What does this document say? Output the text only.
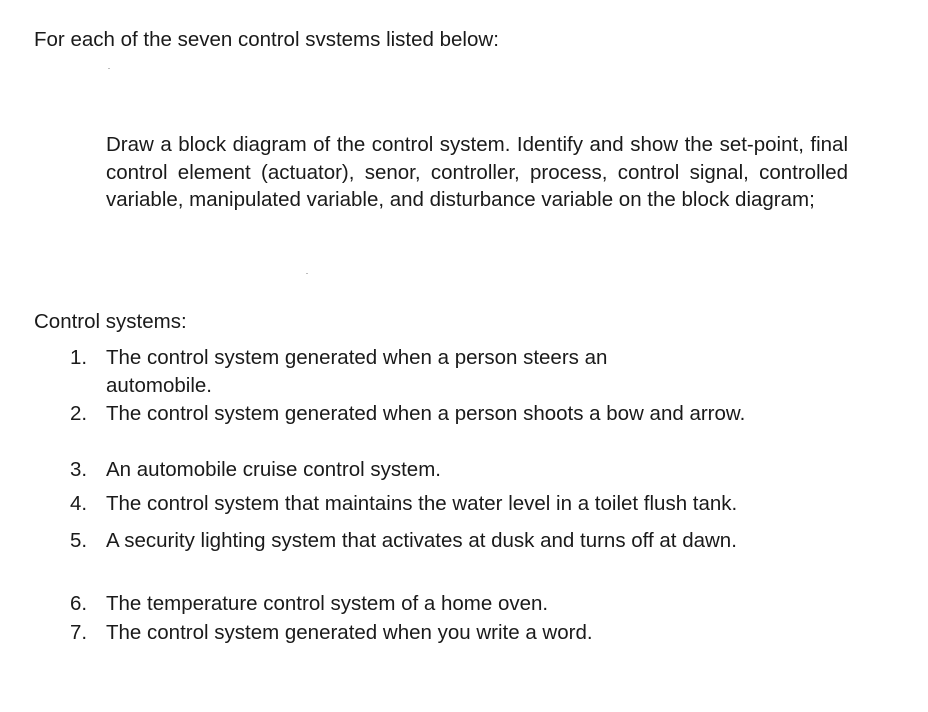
For each of the seven control svstems listed below:

Draw a block diagram of the control system. Identify and show the set-point, final control element (actuator), senor, controller, process, control signal, controlled variable, manipulated variable, and disturbance variable on the block diagram;

Control systems:

1. The control system generated when a person steers an automobile.
2. The control system generated when a person shoots a bow and arrow.
3. An automobile cruise control system.
4. The control system that maintains the water level in a toilet flush tank.
5. A security lighting system that activates at dusk and turns off at dawn.
6. The temperature control system of a home oven.
7. The control system generated when you write a word.
